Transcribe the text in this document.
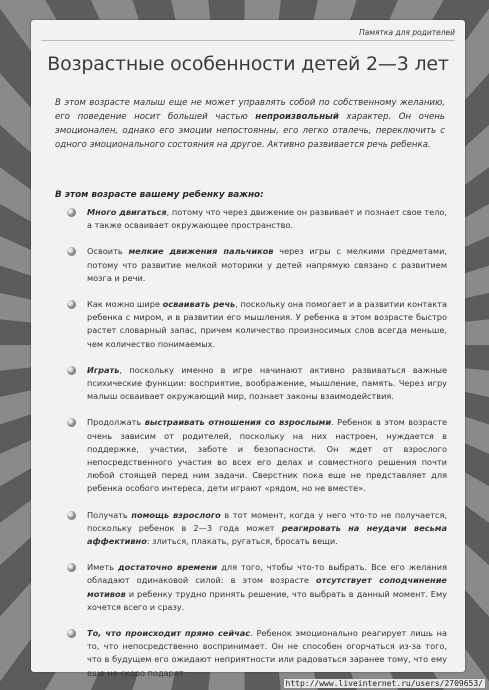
Памятка для родителей
Возрастные особенности детей 2—3 лет
В этом возрасте малыш еще не может управлять собой по собственному желанию, его поведение носит большей частью непроизвольный характер. Он очень эмоционален, однако его эмоции непостоянны, его легко отвлечь, переключить с одного эмоционального состояния на другое. Активно развивается речь ребенка.
В этом возрасте вашему ребенку важно:
Много двигаться, потому что через движение он развивает и познает свое тело, а также осваивает окружающее пространство.
Освоить мелкие движения пальчиков через игры с мелкими предметами, потому что развитие мелкой моторики у детей напрямую связано с развитием мозга и речи.
Как можно шире осваивать речь, поскольку она помогает и в развитии контакта ребенка с миром, и в развитии его мышления. У ребенка в этом возрасте быстро растет словарный запас, причем количество произносимых слов всегда меньше, чем количество понимаемых.
Играть, поскольку именно в игре начинают активно развиваться важные психические функции: восприятие, воображение, мышление, память. Через игру малыш осваивает окружающий мир, познает законы взаимодействия.
Продолжать выстраивать отношения со взрослыми. Ребенок в этом возрасте очень зависим от родителей, поскольку на них настроен, нуждается в поддержке, участии, заботе и безопасности. Он ждет от взрослого непосредственного участия во всех его делах и совместного решения почти любой стоящей перед ним задачи. Сверстник пока еще не представляет для ребенка особого интереса, дети играют «рядом, но не вместе».
Получать помощь взрослого в тот момент, когда у него что-то не получается, поскольку ребенок в 2—3 года может реагировать на неудачи весьма аффективно: злиться, плакать, ругаться, бросать вещи.
Иметь достаточно времени для того, чтобы что-то выбрать. Все его желания обладают одинаковой силой: в этом возрасте отсутствует соподчинение мотивов и ребенку трудно принять решение, что выбрать в данный момент. Ему хочется всего и сразу.
То, что происходит прямо сейчас. Ребенок эмоционально реагирует лишь на то, что непосредственно воспринимает. Он не способен огорчаться из-за того, что в будущем его ожидают неприятности или радоваться заранее тому, что ему еще не скоро подарят.
http://www.liveinternet.ru/users/2709653/
